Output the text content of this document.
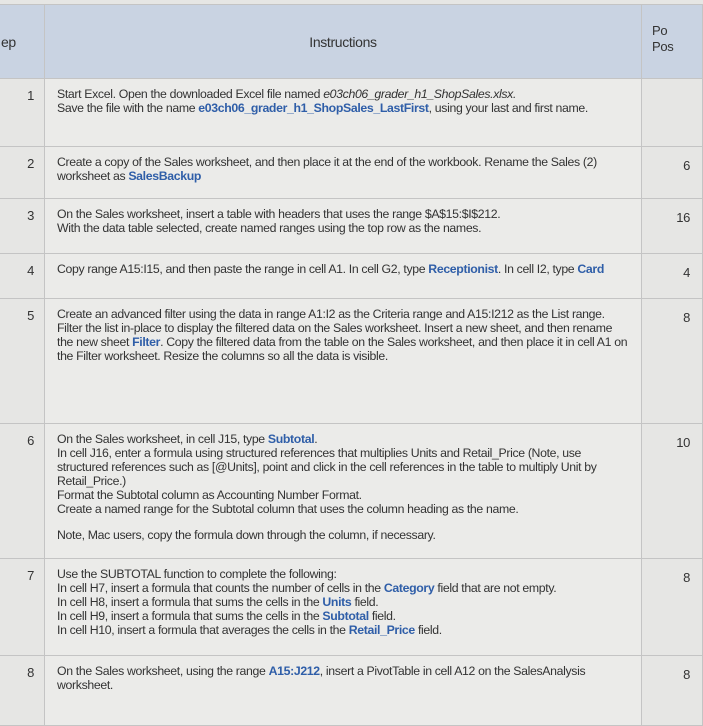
ep	Instructions	Po
Pos
1	Start Excel. Open the downloaded Excel file named e03ch06_grader_h1_ShopSales.xlsx.
Save the file with the name e03ch06_grader_h1_ShopSales_LastFirst, using your last and first name.	

2	Create a copy of the Sales worksheet, and then place it at the end of the workbook. Rename the Sales (2) worksheet as SalesBackup	6
3	On the Sales worksheet, insert a table with headers that uses the range $A$15:$I$212.
With the data table selected, create named ranges using the top row as the names.	16
4	Copy range A15:I15, and then paste the range in cell A1. In cell G2, type Receptionist. In cell I2, type Card	4
5	Create an advanced filter using the data in range A1:I2 as the Criteria range and A15:I212 as the List range.
Filter the list in-place to display the filtered data on the Sales worksheet. Insert a new sheet, and then rename the new sheet Filter. Copy the filtered data from the table on the Sales worksheet, and then place it in cell A1 on the Filter worksheet. Resize the columns so all the data is visible.	8
6	On the Sales worksheet, in cell J15, type Subtotal.
In cell J16, enter a formula using structured references that multiplies Units and Retail_Price (Note, use structured references such as [@Units], point and click in the cell references in the table to multiply Unit by Retail_Price.)
Format the Subtotal column as Accounting Number Format.
Create a named range for the Subtotal column that uses the column heading as the name.
Note, Mac users, copy the formula down through the column, if necessary.	10
7	Use the SUBTOTAL function to complete the following:
In cell H7, insert a formula that counts the number of cells in the Category field that are not empty.
In cell H8, insert a formula that sums the cells in the Units field.
In cell H9, insert a formula that sums the cells in the Subtotal field.
In cell H10, insert a formula that averages the cells in the Retail_Price field.	8
8	On the Sales worksheet, using the range A15:J212, insert a PivotTable in cell A12 on the SalesAnalysis worksheet.	8
